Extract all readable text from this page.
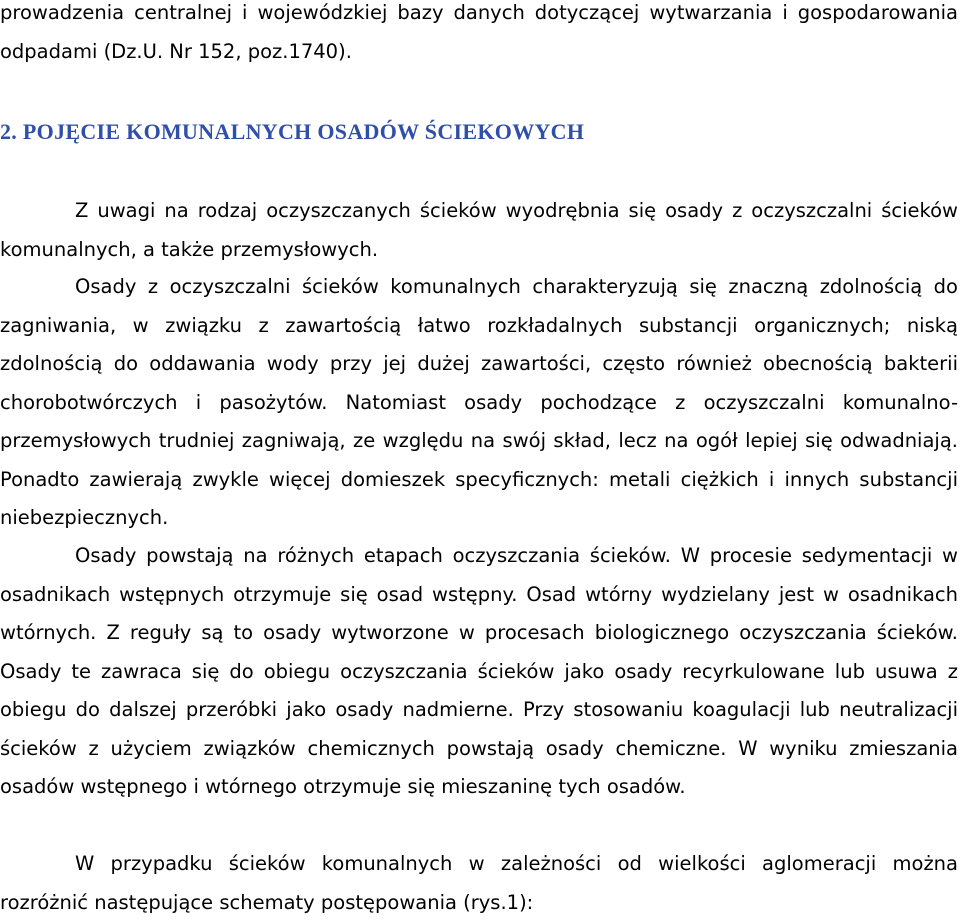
prowadzenia centralnej i wojewódzkiej bazy danych dotyczącej wytwarzania i gospodarowania odpadami (Dz.U. Nr 152, poz.1740).

2. POJĘCIE KOMUNALNYCH OSADÓW ŚCIEKOWYCH

Z uwagi na rodzaj oczyszczanych ścieków wyodrębnia się osady z oczyszczalni ścieków komunalnych, a także przemysłowych.

Osady z oczyszczalni ścieków komunalnych charakteryzują się znaczną zdolnością do zagniwania, w związku z zawartością łatwo rozkładalnych substancji organicznych; niską zdolnością do oddawania wody przy jej dużej zawartości, często również obecnością bakterii chorobotwórczych i pasożytów. Natomiast osady pochodzące z oczyszczalni komunalno-przemysłowych trudniej zagniwają, ze względu na swój skład, lecz na ogół lepiej się odwadniają. Ponadto zawierają zwykle więcej domieszek specyficznych: metali ciężkich i innych substancji niebezpiecznych.

Osady powstają na różnych etapach oczyszczania ścieków. W procesie sedymentacji w osadnikach wstępnych otrzymuje się osad wstępny. Osad wtórny wydzielany jest w osadnikach wtórnych. Z reguły są to osady wytworzone w procesach biologicznego oczyszczania ścieków. Osady te zawraca się do obiegu oczyszczania ścieków jako osady recyrkulowane lub usuwa z obiegu do dalszej przeróbki jako osady nadmierne. Przy stosowaniu koagulacji lub neutralizacji ścieków z użyciem związków chemicznych powstają osady chemiczne. W wyniku zmieszania osadów wstępnego i wtórnego otrzymuje się mieszaninę tych osadów.

W przypadku ścieków komunalnych w zależności od wielkości aglomeracji można rozróżnić następujące schematy postępowania (rys.1):
